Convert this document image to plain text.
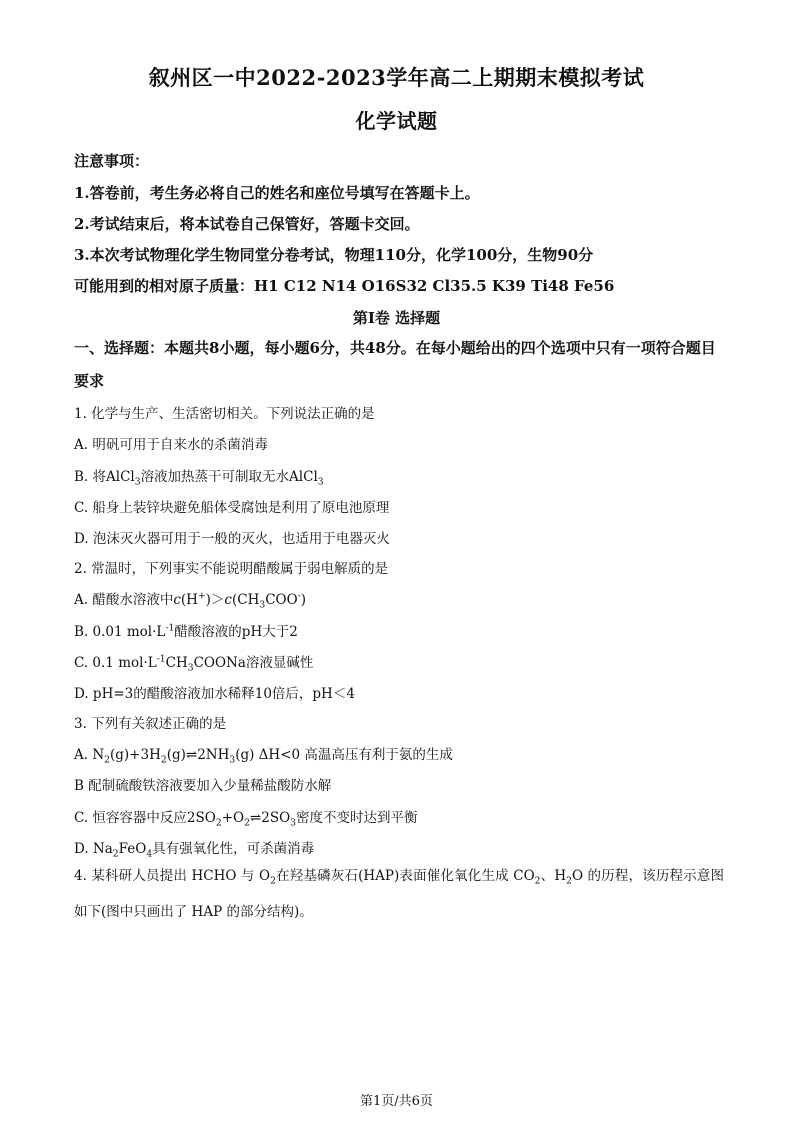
叙州区一中2022-2023学年高二上期期末模拟考试
化学试题
注意事项：
1.答卷前，考生务必将自己的姓名和座位号填写在答题卡上。
2.考试结束后，将本试卷自己保管好，答题卡交回。
3.本次考试物理化学生物同堂分卷考试，物理110分，化学100分，生物90分
可能用到的相对原子质量：H1 C12 N14 O16S32 Cl35.5 K39 Ti48 Fe56
第I卷 选择题
一、选择题：本题共8小题，每小题6分，共48分。在每小题给出的四个选项中只有一项符合题目要求
1. 化学与生产、生活密切相关。下列说法正确的是
A. 明矾可用于自来水的杀菌消毒
B. 将AlCl$_3$溶液加热蒸干可制取无水AlCl$_3$
C. 船身上装锌块避免船体受腐蚀是利用了原电池原理
D. 泡沫灭火器可用于一般的灭火，也适用于电器灭火
2. 常温时，下列事实不能说明醋酸属于弱电解质的是
A. 醋酸水溶液中$c(H^+)>c(CH_3COO^-)$
B. 0.01 $mol\cdot L^{-1}$醋酸溶液的pH大于2
C. 0.1 $mol\cdot L^{-1}CH_3COONa$溶液显碱性
D. pH=3的醋酸溶液加水稀释10倍后，pH＜4
3. 下列有关叙述正确的是
A. $N_2(g)+3H_2(g)\rightleftharpoons 2NH_3(g)$ ΔH<0 高温高压有利于氨的生成
B 配制硫酸铁溶液要加入少量稀盐酸防水解
C. 恒容容器中反应$2SO_2+O_2\rightleftharpoons 2SO_3$密度不变时达到平衡
D. $Na_2FeO_4$具有强氧化性，可杀菌消毒
4. 某科研人员提出 HCHO 与 $O_2$在羟基磷灰石(HAP)表面催化氧化生成 $CO_2$、$H_2O$ 的历程，该历程示意图如下(图中只画出了 HAP 的部分结构)。
第1页/共6页
